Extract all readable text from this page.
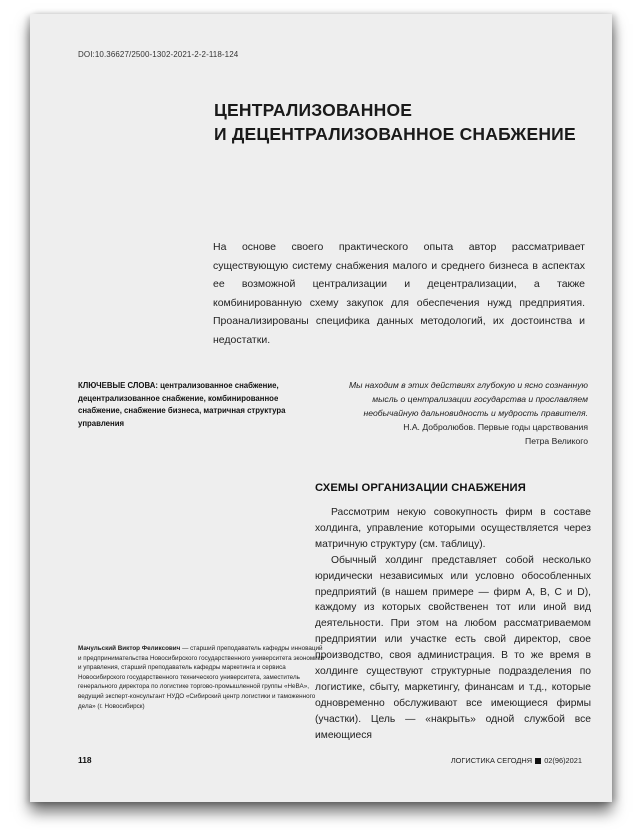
DOI:10.36627/2500-1302-2021-2-2-118-124
ЦЕНТРАЛИЗОВАННОЕ
И ДЕЦЕНТРАЛИЗОВАННОЕ СНАБЖЕНИЕ
На основе своего практического опыта автор рассматривает существующую систему снабжения малого и среднего бизнеса в аспектах ее возможной централизации и децентрализации, а также комбинированную схему закупок для обеспечения нужд предприятия. Проанализированы специфика данных методологий, их достоинства и недостатки.
КЛЮЧЕВЫЕ СЛОВА: централизованное снабжение, децентрализованное снабжение, комбинированное снабжение, снабжение бизнеса, матричная структура управления
Мы находим в этих действиях глубокую и ясно сознанную мысль о централизации государства и прославляем необычайную дальновидность и мудрость правителя.
Н.А. Добролюбов. Первые годы царствования
Петра Великого
СХЕМЫ ОРГАНИЗАЦИИ СНАБЖЕНИЯ

Рассмотрим некую совокупность фирм в составе холдинга, управление которыми осуществляется через матричную структуру (см. таблицу).

Обычный холдинг представляет собой несколько юридически независимых или условно обособленных предприятий (в нашем примере — фирм A, B, C и D), каждому из которых свойственен тот или иной вид деятельности. При этом на любом рассматриваемом предприятии или участке есть свой директор, свое производство, своя администрация. В то же время в холдинге существуют структурные подразделения по логистике, сбыту, маркетингу, финансам и т.д., которые одновременно обслуживают все имеющиеся фирмы (участки). Цель — «накрыть» одной службой все имеющиеся

Мачульский Виктор Феликсович — старший преподаватель кафедры инноваций и предпринимательства Новосибирского государственного университета экономики и управления, старший преподаватель кафедры маркетинга и сервиса Новосибирского государственного технического университета, заместитель генерального директора по логистике торгово-промышленной группы «НеВА», ведущий эксперт-консультант НУДО «Сибирский центр логистики и таможенного дела» (г. Новосибирск)
118	ЛОГИСТИКА СЕГОДНЯ 02(96)2021
